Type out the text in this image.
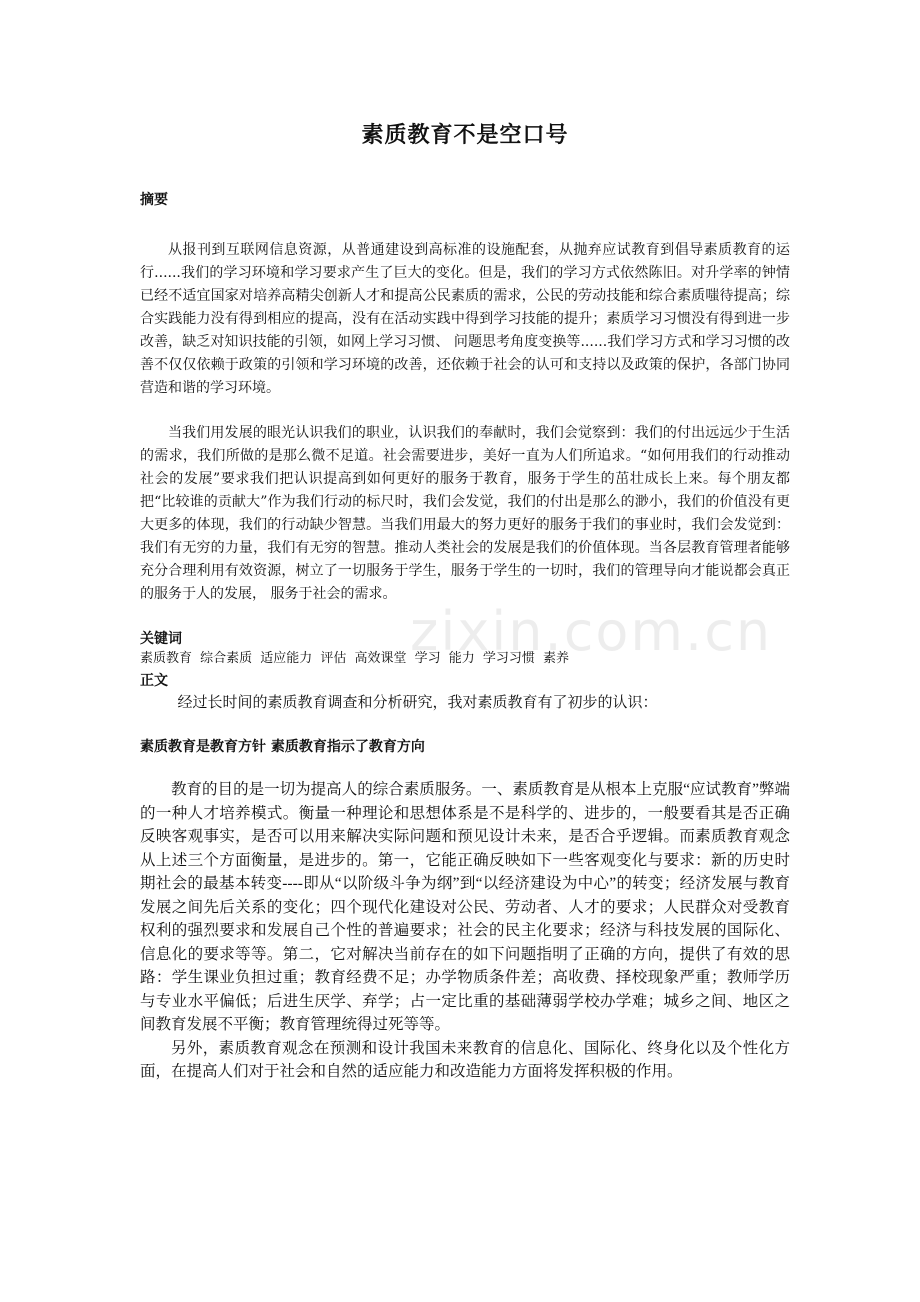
zixin.com.cn
素质教育不是空口号

摘要

从报刊到互联网信息资源，从普通建设到高标准的设施配套，从抛弃应试教育到倡导素质教育的运行......我们的学习环境和学习要求产生了巨大的变化。但是，我们的学习方式依然陈旧。对升学率的钟情已经不适宜国家对培养高精尖创新人才和提高公民素质的需求，公民的劳动技能和综合素质嗤待提高；综合实践能力没有得到相应的提高，没有在活动实践中得到学习技能的提升；素质学习习惯没有得到进一步改善，缺乏对知识技能的引领，如网上学习习惯、 问题思考角度变换等......我们学习方式和学习习惯的改善不仅仅依赖于政策的引领和学习环境的改善，还依赖于社会的认可和支持以及政策的保护，各部门协同营造和谐的学习环境。

当我们用发展的眼光认识我们的职业，认识我们的奉献时，我们会觉察到：我们的付出远远少于生活的需求，我们所做的是那么微不足道。社会需要进步，美好一直为人们所追求。“如何用我们的行动推动社会的发展”要求我们把认识提高到如何更好的服务于教育，服务于学生的茁壮成长上来。每个朋友都把“比较谁的贡献大”作为我们行动的标尺时，我们会发觉，我们的付出是那么的渺小，我们的价值没有更大更多的体现，我们的行动缺少智慧。当我们用最大的努力更好的服务于我们的事业时，我们会发觉到：我们有无穷的力量，我们有无穷的智慧。推动人类社会的发展是我们的价值体现。当各层教育管理者能够充分合理利用有效资源，树立了一切服务于学生，服务于学生的一切时，我们的管理导向才能说都会真正的服务于人的发展， 服务于社会的需求。

关键词

素质教育 综合素质 适应能力 评估 高效课堂 学习 能力 学习习惯 素养

正文

经过长时间的素质教育调查和分析研究，我对素质教育有了初步的认识：

素质教育是教育方针 素质教育指示了教育方向

教育的目的是一切为提高人的综合素质服务。一、素质教育是从根本上克服“应试教育”弊端的一种人才培养模式。衡量一种理论和思想体系是不是科学的、进步的，一般要看其是否正确反映客观事实，是否可以用来解决实际问题和预见设计未来，是否合乎逻辑。而素质教育观念从上述三个方面衡量，是进步的。第一，它能正确反映如下一些客观变化与要求：新的历史时期社会的最基本转变----即从“以阶级斗争为纲”到“以经济建设为中心”的转变；经济发展与教育发展之间先后关系的变化；四个现代化建设对公民、劳动者、人才的要求；人民群众对受教育权利的强烈要求和发展自己个性的普遍要求；社会的民主化要求；经济与科技发展的国际化、信息化的要求等等。第二，它对解决当前存在的如下问题指明了正确的方向，提供了有效的思路：学生课业负担过重；教育经费不足；办学物质条件差；高收费、择校现象严重；教师学历与专业水平偏低；后进生厌学、弃学；占一定比重的基础薄弱学校办学难；城乡之间、地区之间教育发展不平衡；教育管理统得过死等等。

另外，素质教育观念在预测和设计我国未来教育的信息化、国际化、终身化以及个性化方面，在提高人们对于社会和自然的适应能力和改造能力方面将发挥积极的作用。
